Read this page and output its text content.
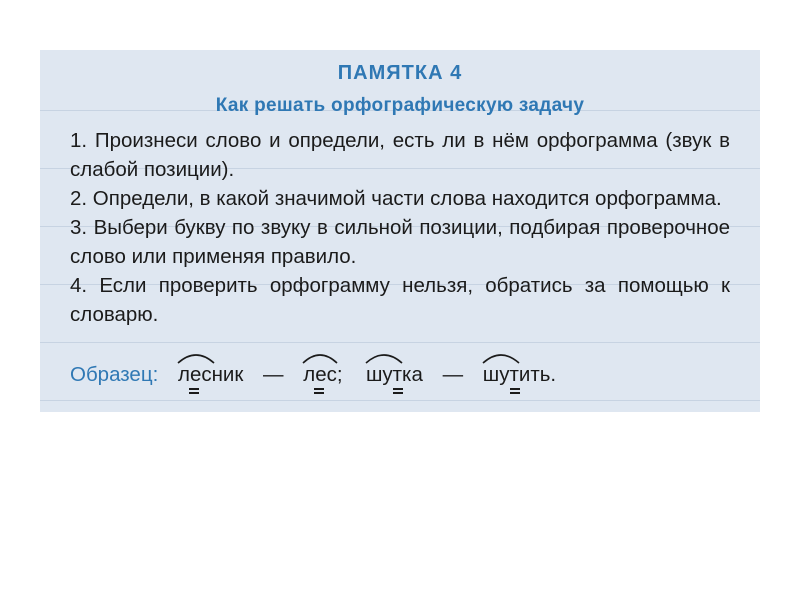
ПАМЯТКА 4
Как решать орфографическую задачу

1. Произнеси слово и определи, есть ли в нём орфограмма (звук в слабой позиции).

2. Определи, в какой значимой части слова находится орфограмма.

3. Выбери букву по звуку в сильной позиции, подбирая проверочное слово или применяя правило.

4. Если проверить орфограмму нельзя, обратись за помощью к словарю.

Образец: лесник — лес; шутка — шутить.
